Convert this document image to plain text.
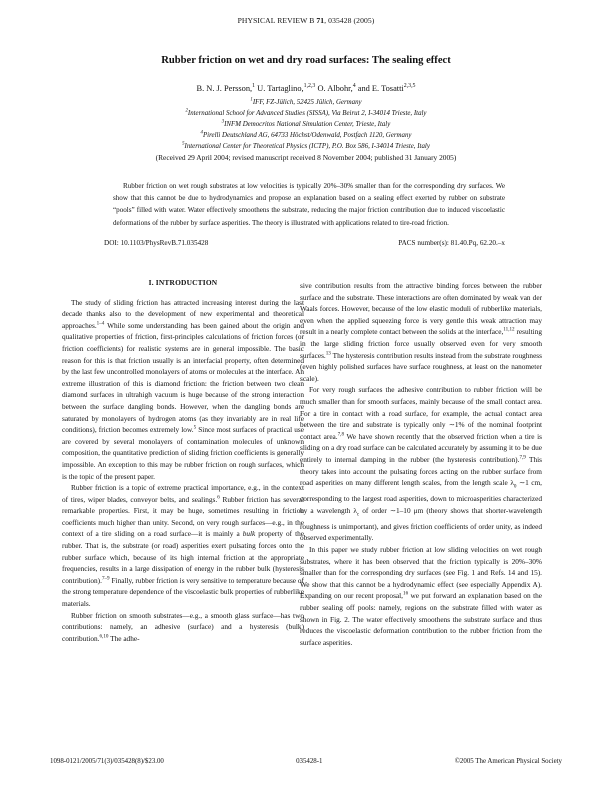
PHYSICAL REVIEW B 71, 035428 (2005)
Rubber friction on wet and dry road surfaces: The sealing effect
B. N. J. Persson,$^1$ U. Tartaglino,$^{1,2,3}$ O. Albohr,$^4$ and E. Tosatti$^{2,3,5}$
$^1$IFF, FZ-Jülich, 52425 Jülich, Germany
$^2$International School for Advanced Studies (SISSA), Via Beirut 2, I-34014 Trieste, Italy
$^3$INFM Democritos National Simulation Center, Trieste, Italy
$^4$Pirelli Deutschland AG, 64733 Höchst/Odenwald, Postfach 1120, Germany
$^5$International Center for Theoretical Physics (ICTP), P.O. Box 586, I-34014 Trieste, Italy
(Received 29 April 2004; revised manuscript received 8 November 2004; published 31 January 2005)
Rubber friction on wet rough substrates at low velocities is typically 20%–30% smaller than for the corresponding dry surfaces. We show that this cannot be due to hydrodynamics and propose an explanation based on a sealing effect exerted by rubber on substrate “pools” filled with water. Water effectively smoothens the substrate, reducing the major friction contribution due to induced viscoelastic deformations of the rubber by surface asperities. The theory is illustrated with applications related to tire-road friction.
DOI: 10.1103/PhysRevB.71.035428	PACS number(s): 81.40.Pq, 62.20.–x
I. INTRODUCTION

The study of sliding friction has attracted increasing interest during the last decade thanks also to the development of new experimental and theoretical approaches.$^{1-4}$ While some understanding has been gained about the origin and qualitative properties of friction, first-principles calculations of friction forces (or friction coefficients) for realistic systems are in general impossible. The basic reason for this is that friction usually is an interfacial property, often determined by the last few uncontrolled monolayers of atoms or molecules at the interface. An extreme illustration of this is diamond friction: the friction between two clean diamond surfaces in ultrahigh vacuum is huge because of the strong interaction between the surface dangling bonds. However, when the dangling bonds are saturated by monolayers of hydrogen atoms (as they invariably are in real life conditions), friction becomes extremely low.$^5$ Since most surfaces of practical use are covered by several monolayers of contamination molecules of unknown composition, the quantitative prediction of sliding friction coefficients is generally impossible. An exception to this may be rubber friction on rough surfaces, which is the topic of the present paper.

Rubber friction is a topic of extreme practical importance, e.g., in the context of tires, wiper blades, conveyor belts, and sealings.$^6$ Rubber friction has several remarkable properties. First, it may be huge, sometimes resulting in friction coefficients much higher than unity. Second, on very rough surfaces—e.g., in the context of a tire sliding on a road surface—it is mainly a bulk property of the rubber. That is, the substrate (or road) asperities exert pulsating forces onto the rubber surface which, because of its high internal friction at the appropriate frequencies, results in a large dissipation of energy in the rubber bulk (hysteresis contribution).$^{7-9}$ Finally, rubber friction is very sensitive to temperature because of the strong temperature dependence of the viscoelastic bulk properties of rubberlike materials.

Rubber friction on smooth substrates—e.g., a smooth glass surface—has two contributions: namely, an adhesive (surface) and a hysteresis (bulk) contribution.$^{6,10}$ The adhe-

sive contribution results from the attractive binding forces between the rubber surface and the substrate. These interactions are often dominated by weak van der Waals forces. However, because of the low elastic moduli of rubberlike materials, even when the applied squeezing force is very gentle this weak attraction may result in a nearly complete contact between the solids at the interface,$^{11,12}$ resulting in the large sliding friction force usually observed even for very smooth surfaces.$^{13}$ The hysteresis contribution results instead from the substrate roughness (even highly polished surfaces have surface roughness, at least on the nanometer scale).

For very rough surfaces the adhesive contribution to rubber friction will be much smaller than for smooth surfaces, mainly because of the small contact area. For a tire in contact with a road surface, for example, the actual contact area between the tire and substrate is typically only ∼1% of the nominal footprint contact area.$^{7,8}$ We have shown recently that the observed friction when a tire is sliding on a dry road surface can be calculated accurately by assuming it to be due entirely to internal damping in the rubber (the hysteresis contribution).$^{7,9}$ This theory takes into account the pulsating forces acting on the rubber surface from road asperities on many different length scales, from the length scale $\lambda_0$ ∼1 cm, corresponding to the largest road asperities, down to microasperities characterized by a wavelength $\lambda_c$ of order ∼1–10 μm (theory shows that shorter-wavelength roughness is unimportant), and gives friction coefficients of order unity, as indeed observed experimentally.

In this paper we study rubber friction at low sliding velocities on wet rough substrates, where it has been observed that the friction typically is 20%–30% smaller than for the corresponding dry surfaces (see Fig. 1 and Refs. 14 and 15). We show that this cannot be a hydrodynamic effect (see especially Appendix A). Expanding on our recent proposal,$^{16}$ we put forward an explanation based on the rubber sealing off pools: namely, regions on the substrate filled with water as shown in Fig. 2. The water effectively smoothens the substrate surface and thus reduces the viscoelastic deformation contribution to the rubber friction from the surface asperities.

1098-0121/2005/71(3)/035428(8)/$23.00	035428-1	©2005 The American Physical Society
